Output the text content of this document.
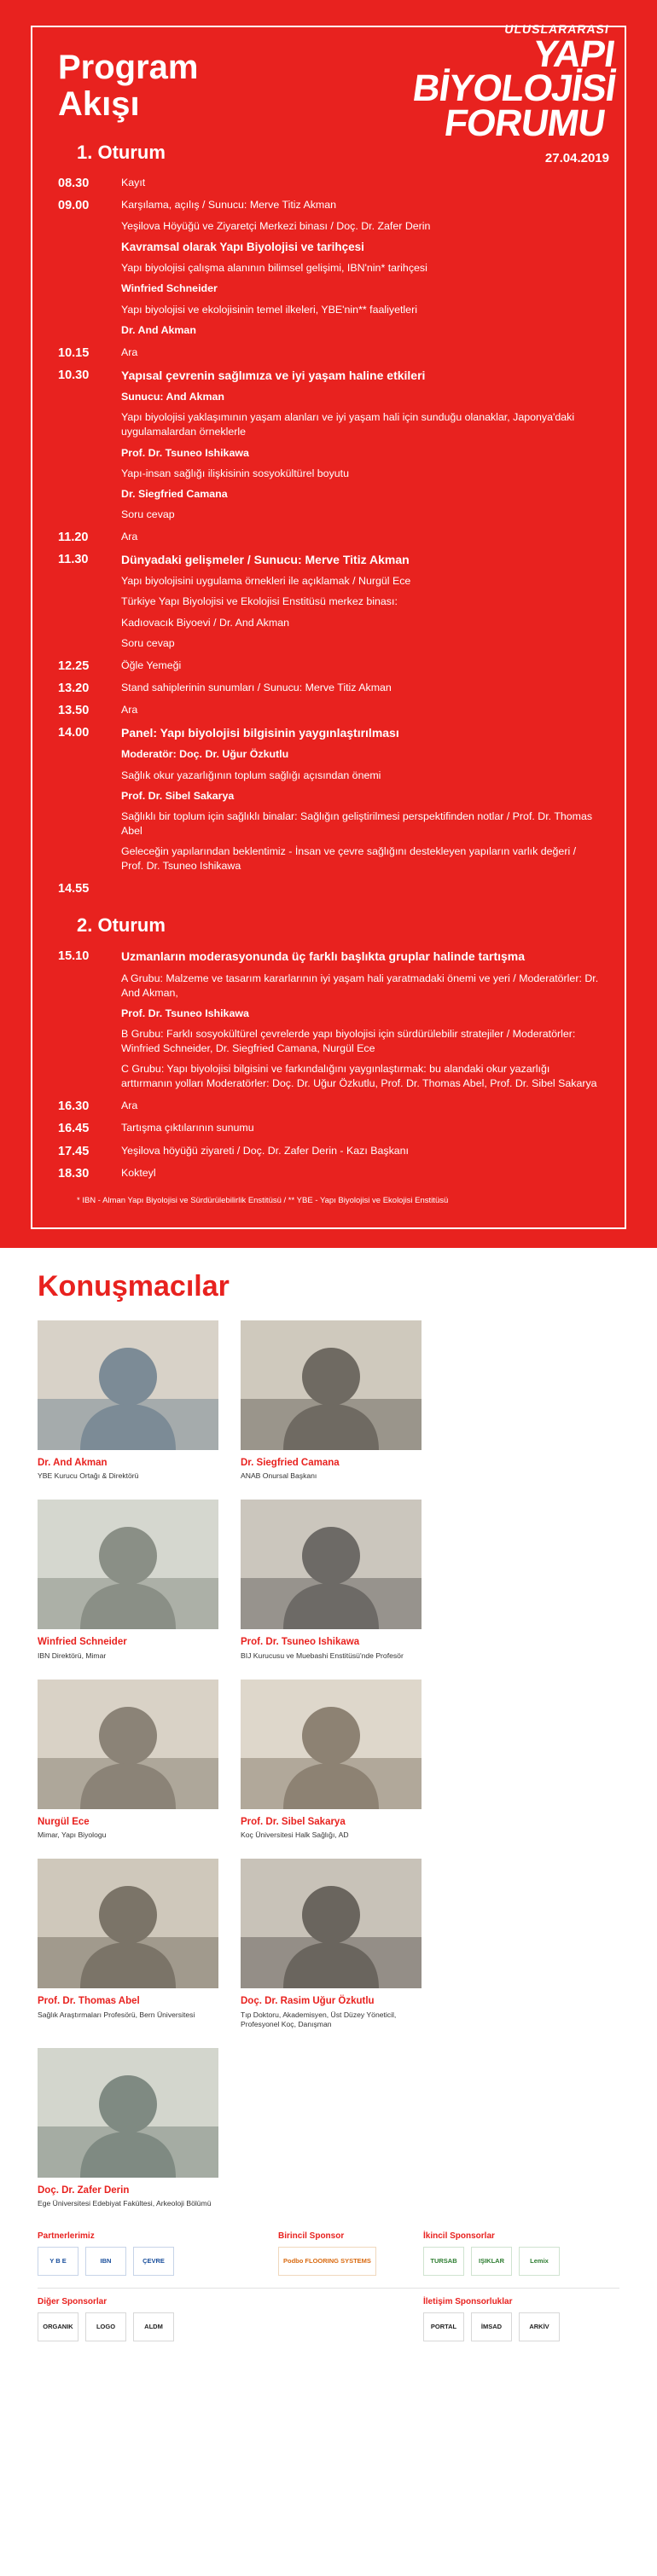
ULUSLARARASI
YAPI
BİYOLOJİSİ
FORUMU
27.04.2019
Program
Akışı
1. Oturum
08.30	Kayıt
09.00	Karşılama, açılış / Sunucu: Merve Titiz Akman
Yeşilova Höyüğü ve Ziyaretçi Merkezi binası / Doç. Dr. Zafer Derin
Kavramsal olarak Yapı Biyolojisi ve tarihçesi
Yapı biyolojisi çalışma alanının bilimsel gelişimi, IBN'nin* tarihçesi
Winfried Schneider
Yapı biyolojisi ve ekolojisinin temel ilkeleri, YBE'nin** faaliyetleri
Dr. And Akman
10.15	Ara
10.30	Yapısal çevrenin sağlımıza ve iyi yaşam haline etkileri
Sunucu: And Akman
Yapı biyolojisi yaklaşımının yaşam alanları ve iyi yaşam hali için sunduğu olanaklar, Japonya'daki uygulamalardan örneklerle
Prof. Dr. Tsuneo Ishikawa
Yapı-insan sağlığı ilişkisinin sosyokültürel boyutu
Dr. Siegfried Camana
Soru cevap
11.20	Ara
11.30	Dünyadaki gelişmeler / Sunucu: Merve Titiz Akman
Yapı biyolojisini uygulama örnekleri ile açıklamak / Nurgül Ece
Türkiye Yapı Biyolojisi ve Ekolojisi Enstitüsü merkez binası:
Kadıovacık Biyoevi / Dr. And Akman
Soru cevap
12.25	Öğle Yemeği
13.20	Stand sahiplerinin sunumları / Sunucu: Merve Titiz Akman
13.50	Ara
14.00	Panel: Yapı biyolojisi bilgisinin yaygınlaştırılması
Moderatör: Doç. Dr. Uğur Özkutlu
Sağlık okur yazarlığının toplum sağlığı açısından önemi
Prof. Dr. Sibel Sakarya
Sağlıklı bir toplum için sağlıklı binalar: Sağlığın geliştirilmesi perspektifinden notlar / Prof. Dr. Thomas Abel
Geleceğin yapılarından beklentimiz - İnsan ve çevre sağlığını destekleyen yapıların varlık değeri / Prof. Dr. Tsuneo Ishikawa
14.55
2. Oturum
15.10	Uzmanların moderasyonunda üç farklı başlıkta gruplar halinde tartışma
A Grubu: Malzeme ve tasarım kararlarının iyi yaşam hali yaratmadaki önemi ve yeri / Moderatörler: Dr. And Akman,
Prof. Dr. Tsuneo Ishikawa
B Grubu: Farklı sosyokültürel çevrelerde yapı biyolojisi için sürdürülebilir stratejiler / Moderatörler: Winfried Schneider, Dr. Siegfried Camana, Nurgül Ece
C Grubu: Yapı biyolojisi bilgisini ve farkındalığını yaygınlaştırmak: bu alandaki okur yazarlığı arttırmanın yolları Moderatörler: Doç. Dr. Uğur Özkutlu, Prof. Dr. Thomas Abel, Prof. Dr. Sibel Sakarya
16.30	Ara
16.45	Tartışma çıktılarının sunumu
17.45	Yeşilova höyüğü ziyareti / Doç. Dr. Zafer Derin - Kazı Başkanı
18.30	Kokteyl
* IBN - Alman Yapı Biyolojisi ve Sürdürülebilirlik Enstitüsü / ** YBE - Yapı Biyolojisi ve Ekolojisi Enstitüsü
Konuşmacılar
Dr. And Akman
YBE Kurucu Ortağı & Direktörü
Dr. Siegfried Camana
ANAB Onursal Başkanı
Winfried Schneider
IBN Direktörü, Mimar
Prof. Dr. Tsuneo Ishikawa
BIJ Kurucusu ve Muebashi Enstitüsü'nde Profesör
Nurgül Ece
Mimar, Yapı Biyologu
Prof. Dr. Sibel Sakarya
Koç Üniversitesi Halk Sağlığı, AD
Prof. Dr. Thomas Abel
Sağlık Araştırmaları Profesörü, Bern Üniversitesi
Doç. Dr. Rasim Uğur Özkutlu
Tıp Doktoru, Akademisyen, Üst Düzey Yöneticil, Profesyonel Koç, Danışman
Doç. Dr. Zafer Derin
Ege Üniversitesi Edebiyat Fakültesi, Arkeoloji Bölümü
Partnerlerimiz
Y B E	IBN	ÇEVRE
Birincil Sponsor
Podbo FLOORING SYSTEMS
İkincil Sponsorlar
TURSAB	IŞIKLAR	Lemix
Diğer Sponsorlar
ORGANIK	LOGO	ALDM
İletişim Sponsorluklar
PORTAL	İMSAD	ARKİV
